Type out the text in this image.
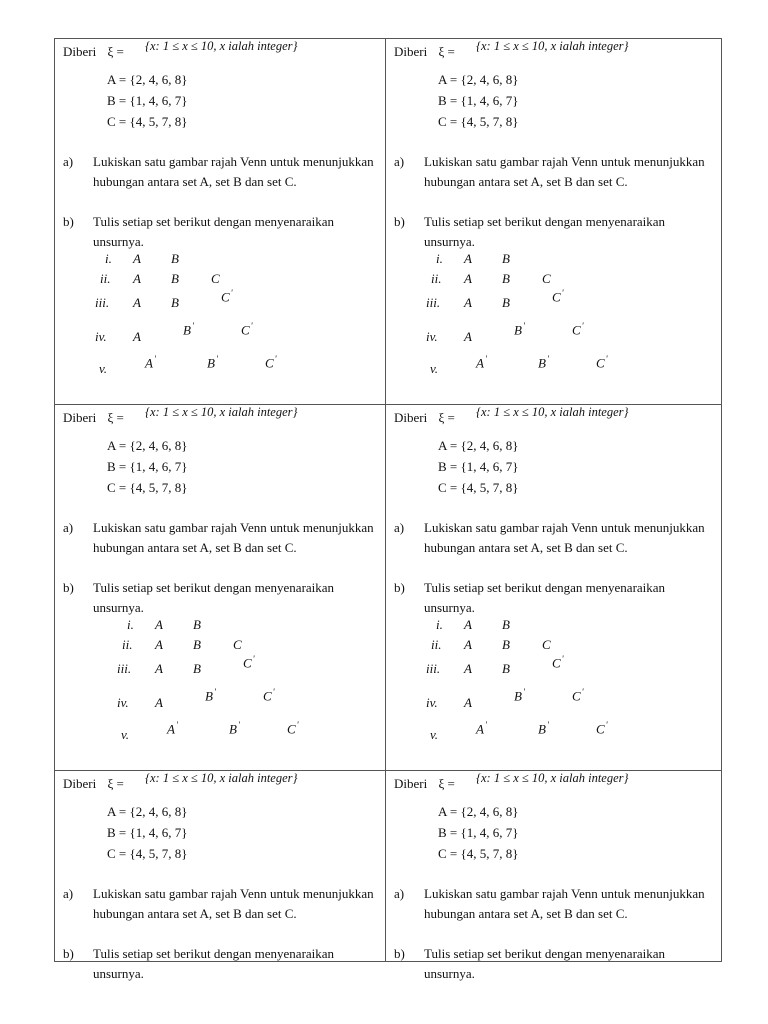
Diberi ξ = {x: 1 ≤ x ≤ 10, x ialah integer}
A = {2, 4, 6, 8}
B = {1, 4, 6, 7}
C = {4, 5, 7, 8}
a)	Lukiskan satu gambar rajah Venn untuk menunjukkan hubungan antara set A, set B dan set C.
b)	Tulis setiap set berikut dengan menyenaraikan unsurnya.
i. A B
ii. A B C
iii. A B	C'
iv. A	B'	C'
v.	A'	B'	C'
Diberi ξ = {x: 1 ≤ x ≤ 10, x ialah integer}
A = {2, 4, 6, 8}
B = {1, 4, 6, 7}
C = {4, 5, 7, 8}
a)	Lukiskan satu gambar rajah Venn untuk menunjukkan hubungan antara set A, set B dan set C.
b)	Tulis setiap set berikut dengan menyenaraikan unsurnya.
i. A B
ii. A B C
iii. A B	C'
iv. A	B'	C'
v.	A'	B'	C'
Diberi ξ = {x: 1 ≤ x ≤ 10, x ialah integer}
A = {2, 4, 6, 8}
B = {1, 4, 6, 7}
C = {4, 5, 7, 8}
a)	Lukiskan satu gambar rajah Venn untuk menunjukkan hubungan antara set A, set B dan set C.
b)	Tulis setiap set berikut dengan menyenaraikan unsurnya.
i. A B
ii. A B C
iii. A B	C'
iv. A	B'	C'
v.	A'	B'	C'
Diberi ξ = {x: 1 ≤ x ≤ 10, x ialah integer}
A = {2, 4, 6, 8}
B = {1, 4, 6, 7}
C = {4, 5, 7, 8}
a)	Lukiskan satu gambar rajah Venn untuk menunjukkan hubungan antara set A, set B dan set C.
b)	Tulis setiap set berikut dengan menyenaraikan unsurnya.
i. A B
ii. A B C
iii. A B	C'
iv. A	B'	C'
v.	A'	B'	C'
Diberi ξ = {x: 1 ≤ x ≤ 10, x ialah integer}
A = {2, 4, 6, 8}
B = {1, 4, 6, 7}
C = {4, 5, 7, 8}
a)	Lukiskan satu gambar rajah Venn untuk menunjukkan hubungan antara set A, set B dan set C.
b)	Tulis setiap set berikut dengan menyenaraikan unsurnya.
Diberi ξ = {x: 1 ≤ x ≤ 10, x ialah integer}
A = {2, 4, 6, 8}
B = {1, 4, 6, 7}
C = {4, 5, 7, 8}
a)	Lukiskan satu gambar rajah Venn untuk menunjukkan hubungan antara set A, set B dan set C.
b)	Tulis setiap set berikut dengan menyenaraikan unsurnya.
